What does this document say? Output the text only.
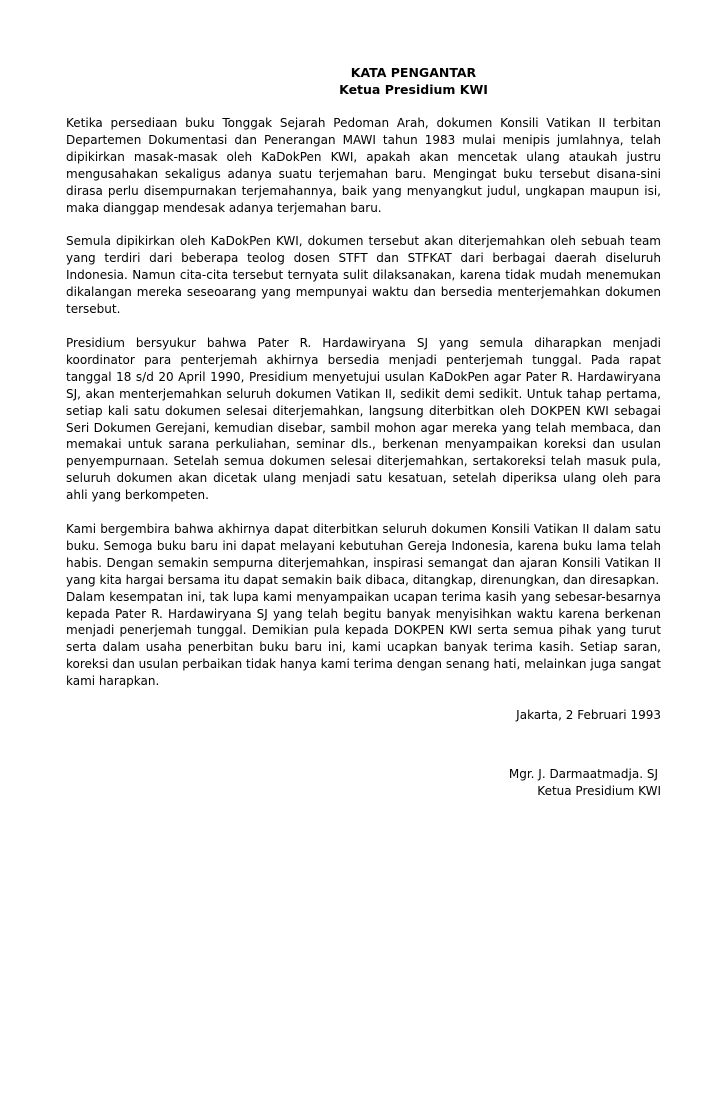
KATA PENGANTAR
Ketua Presidium KWI

Ketika persediaan buku Tonggak Sejarah Pedoman Arah, dokumen Konsili Vatikan II terbitan Departemen Dokumentasi dan Penerangan MAWI tahun 1983 mulai menipis jumlahnya, telah dipikirkan masak-masak oleh KaDokPen KWI, apakah akan mencetak ulang ataukah justru mengusahakan sekaligus adanya suatu terjemahan baru. Mengingat buku tersebut disana-sini dirasa perlu disempurnakan terjemahannya, baik yang menyangkut judul, ungkapan maupun isi, maka dianggap mendesak adanya terjemahan baru.

Semula dipikirkan oleh KaDokPen KWI, dokumen tersebut akan diterjemahkan oleh sebuah team yang terdiri dari beberapa teolog dosen STFT dan STFKAT dari berbagai daerah diseluruh Indonesia. Namun cita-cita tersebut ternyata sulit dilaksanakan, karena tidak mudah menemukan dikalangan mereka seseoarang yang mempunyai waktu dan bersedia menterjemahkan dokumen tersebut.

Presidium bersyukur bahwa Pater R. Hardawiryana SJ yang semula diharapkan menjadi koordinator para penterjemah akhirnya bersedia menjadi penterjemah tunggal. Pada rapat tanggal 18 s/d 20 April 1990, Presidium menyetujui usulan KaDokPen agar Pater R. Hardawiryana SJ, akan menterjemahkan seluruh dokumen Vatikan II, sedikit demi sedikit. Untuk tahap pertama, setiap kali satu dokumen selesai diterjemahkan, langsung diterbitkan oleh DOKPEN KWI sebagai Seri Dokumen Gerejani, kemudian disebar, sambil mohon agar mereka yang telah membaca, dan memakai untuk sarana perkuliahan, seminar dls., berkenan menyampaikan koreksi dan usulan penyempurnaan. Setelah semua dokumen selesai diterjemahkan, sertakoreksi telah masuk pula, seluruh dokumen akan dicetak ulang menjadi satu kesatuan, setelah diperiksa ulang oleh para ahli yang berkompeten.

Kami bergembira bahwa akhirnya dapat diterbitkan seluruh dokumen Konsili Vatikan II dalam satu buku. Semoga buku baru ini dapat melayani kebutuhan Gereja Indonesia, karena buku lama telah habis. Dengan semakin sempurna diterjemahkan, inspirasi semangat dan ajaran Konsili Vatikan II yang kita hargai bersama itu dapat semakin baik dibaca, ditangkap, direnungkan, dan diresapkan.

Dalam kesempatan ini, tak lupa kami menyampaikan ucapan terima kasih yang sebesar-besarnya kepada Pater R. Hardawiryana SJ yang telah begitu banyak menyisihkan waktu karena berkenan menjadi penerjemah tunggal. Demikian pula kepada DOKPEN KWI serta semua pihak yang turut serta dalam usaha penerbitan buku baru ini, kami ucapkan banyak terima kasih. Setiap saran, koreksi dan usulan perbaikan tidak hanya kami terima dengan senang hati, melainkan juga sangat kami harapkan.

Jakarta, 2 Februari 1993
Mgr. J. Darmaatmadja. SJ
Ketua Presidium KWI
